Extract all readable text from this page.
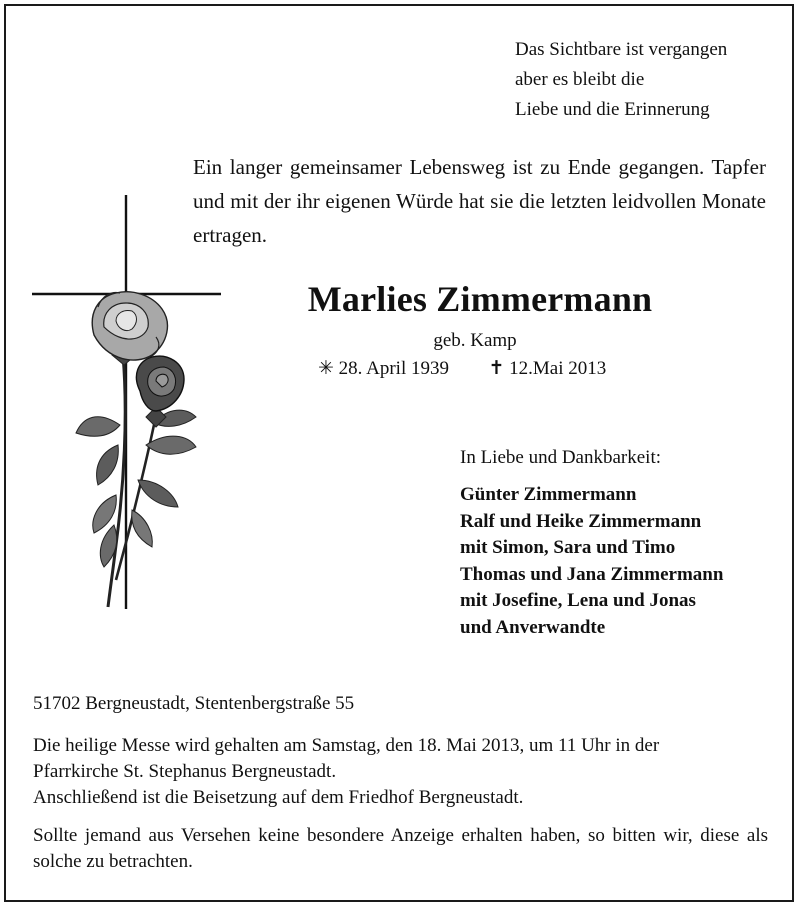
Das Sichtbare ist vergangen
aber es bleibt die
Liebe und die Erinnerung
Ein langer gemeinsamer Lebensweg ist zu Ende gegangen. Tapfer und mit der ihr eigenen Würde hat sie die letzten leidvollen Monate ertragen.
Marlies Zimmermann
geb. Kamp
✳ 28. April 1939 ✝ 12.Mai 2013
In Liebe und Dankbarkeit:
Günter Zimmermann
Ralf und Heike Zimmermann
mit Simon, Sara und Timo
Thomas und Jana Zimmermann
mit Josefine, Lena und Jonas
und Anverwandte
51702 Bergneustadt, Stentenbergstraße 55
Die heilige Messe wird gehalten am Samstag, den 18. Mai 2013, um 11 Uhr in der
Pfarrkirche St. Stephanus Bergneustadt.
Anschließend ist die Beisetzung auf dem Friedhof Bergneustadt.
Sollte jemand aus Versehen keine besondere Anzeige erhalten haben, so bitten wir, diese als solche zu betrachten.
